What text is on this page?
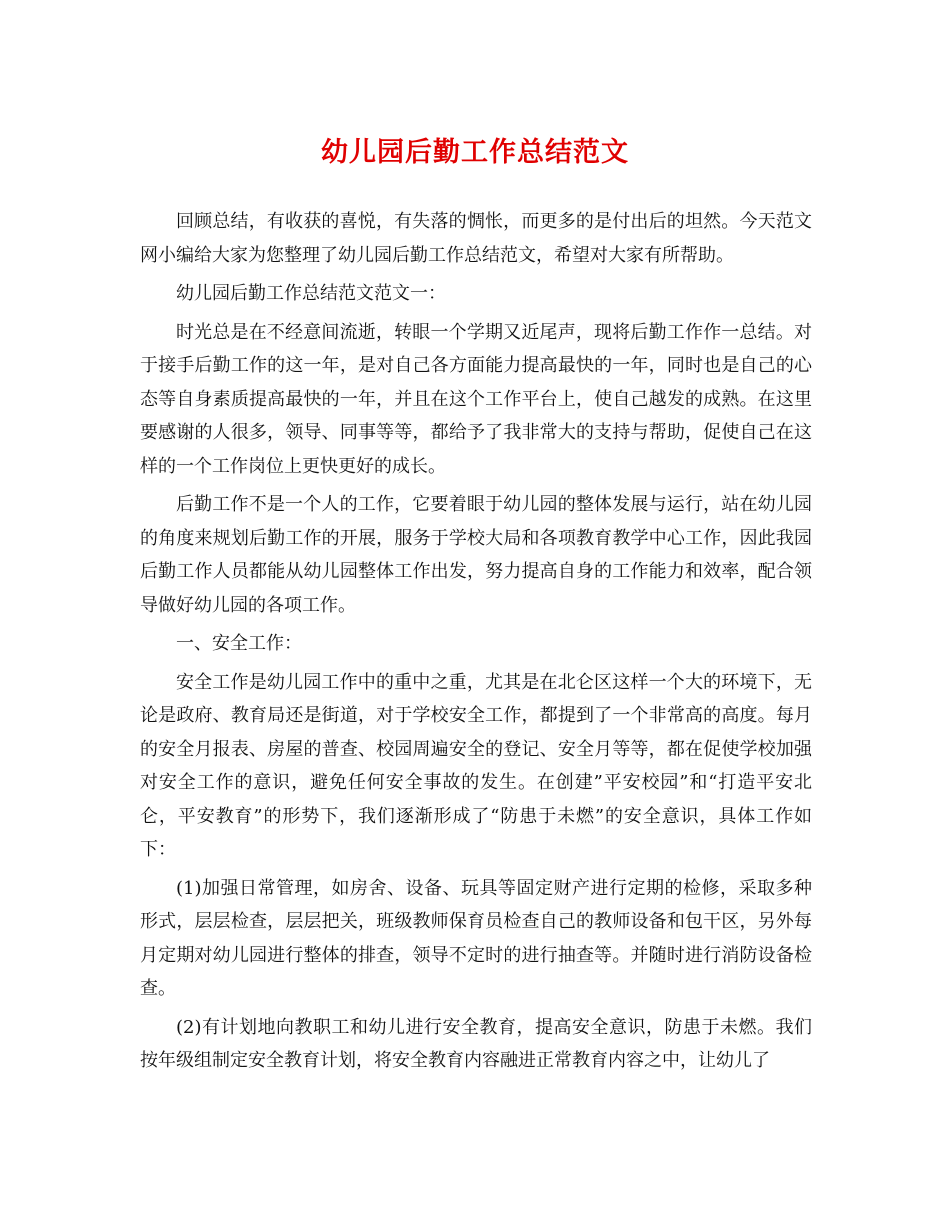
幼儿园后勤工作总结范文

回顾总结，有收获的喜悦，有失落的惆怅，而更多的是付出后的坦然。今天范文网小编给大家为您整理了幼儿园后勤工作总结范文，希望对大家有所帮助。

幼儿园后勤工作总结范文范文一：

时光总是在不经意间流逝，转眼一个学期又近尾声，现将后勤工作作一总结。对于接手后勤工作的这一年，是对自己各方面能力提高最快的一年，同时也是自己的心态等自身素质提高最快的一年，并且在这个工作平台上，使自己越发的成熟。在这里要感谢的人很多，领导、同事等等，都给予了我非常大的支持与帮助，促使自己在这样的一个工作岗位上更快更好的成长。

后勤工作不是一个人的工作，它要着眼于幼儿园的整体发展与运行，站在幼儿园的角度来规划后勤工作的开展，服务于学校大局和各项教育教学中心工作，因此我园后勤工作人员都能从幼儿园整体工作出发，努力提高自身的工作能力和效率，配合领导做好幼儿园的各项工作。

一、安全工作：

安全工作是幼儿园工作中的重中之重，尤其是在北仑区这样一个大的环境下，无论是政府、教育局还是街道，对于学校安全工作，都提到了一个非常高的高度。每月的安全月报表、房屋的普查、校园周遍安全的登记、安全月等等，都在促使学校加强对安全工作的意识，避免任何安全事故的发生。在创建”平安校园”和“打造平安北仑，平安教育”的形势下，我们逐渐形成了“防患于未燃”的安全意识，具体工作如下：

(1)加强日常管理，如房舍、设备、玩具等固定财产进行定期的检修，采取多种形式，层层检查，层层把关，班级教师保育员检查自己的教师设备和包干区，另外每月定期对幼儿园进行整体的排查，领导不定时的进行抽查等。并随时进行消防设备检查。

(2)有计划地向教职工和幼儿进行安全教育，提高安全意识，防患于未燃。我们按年级组制定安全教育计划，将安全教育内容融进正常教育内容之中，让幼儿了
